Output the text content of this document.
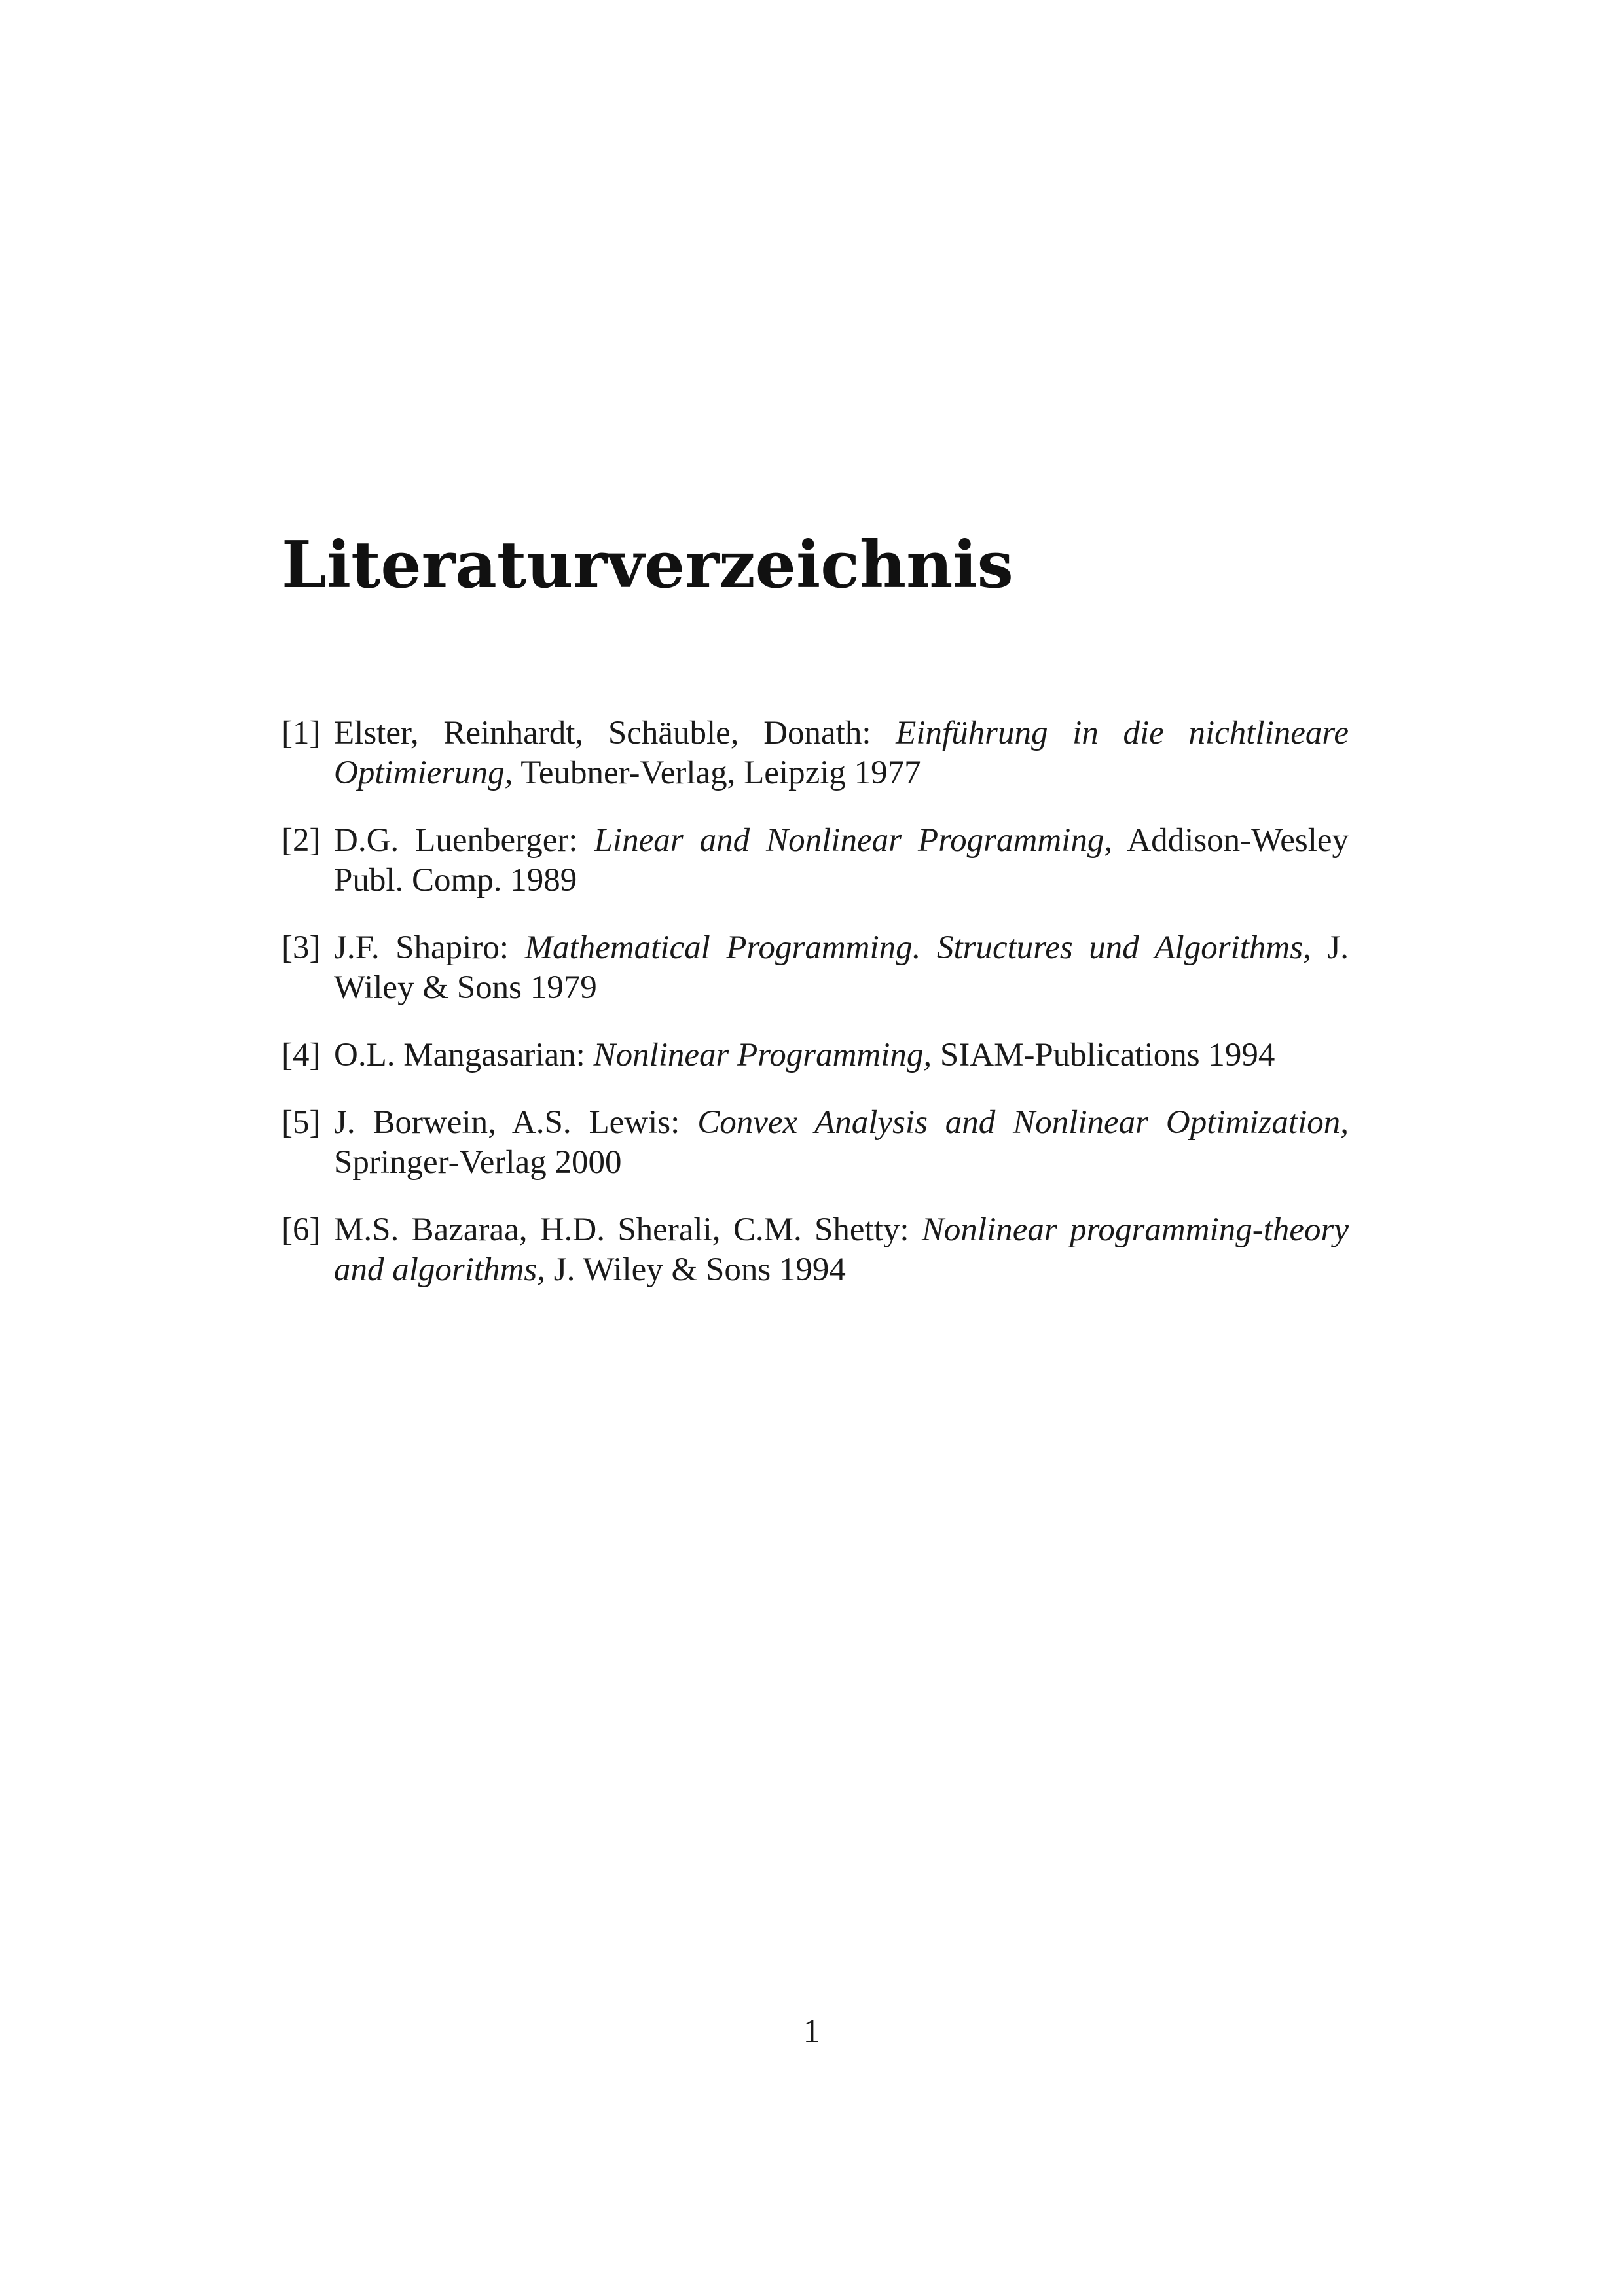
Literaturverzeichnis
[1] Elster, Reinhardt, Schäuble, Donath: Einführung in die nichtlineare Optimierung, Teubner-Verlag, Leipzig 1977
[2] D.G. Luenberger: Linear and Nonlinear Programming, Addison-Wesley Publ. Comp. 1989
[3] J.F. Shapiro: Mathematical Programming. Structures und Algorithms, J. Wiley & Sons 1979
[4] O.L. Mangasarian: Nonlinear Programming, SIAM-Publications 1994
[5] J. Borwein, A.S. Lewis: Convex Analysis and Nonlinear Optimization, Springer-Verlag 2000
[6] M.S. Bazaraa, H.D. Sherali, C.M. Shetty: Nonlinear programming-theory and algorithms, J. Wiley & Sons 1994
1
